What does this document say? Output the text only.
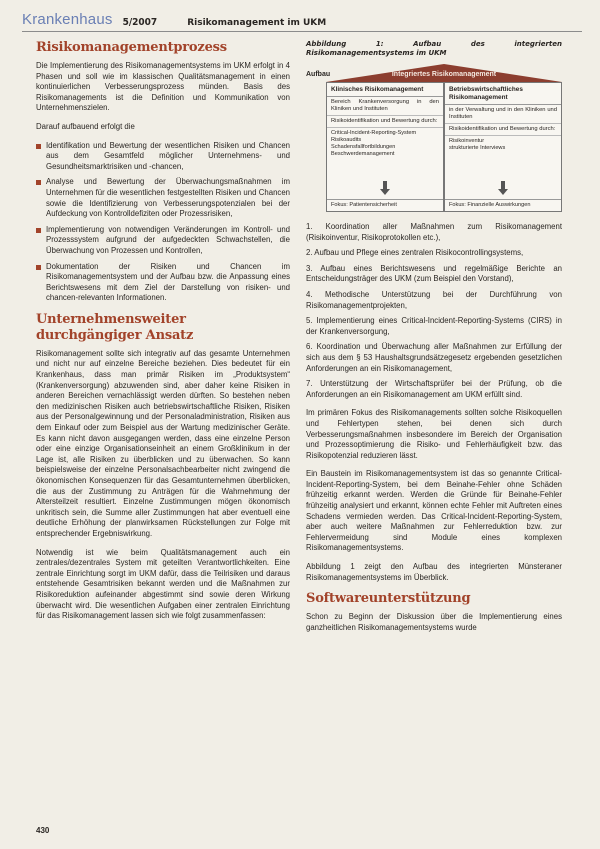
Krankenhaus 5/2007	Risikomanagement im UKM
Risikomanagementprozess

Die Implementierung des Risikomanagementsystems im UKM erfolgt in 4 Phasen und soll wie im klassischen Qualitätsmanagement in einen kontinuierlichen Verbesserungsprozess münden. Basis des Risikomanagements ist die Definition und Kommunikation von Unternehmenszielen.

Darauf aufbauend erfolgt die

Identifikation und Bewertung der wesentlichen Risiken und Chancen aus dem Gesamtfeld möglicher Unternehmens- und Gesundheitsmarktrisiken und -chancen,
Analyse und Bewertung der Überwachungsmaßnahmen im Unternehmen für die wesentlichen festgestellten Risiken und Chancen sowie die Identifizierung von Verbesserungspotenzialen bei der Aufdeckung von Kontrolldefiziten oder Prozessrisiken,
Implementierung von notwendigen Veränderungen im Kontroll- und Prozesssystem aufgrund der aufgedeckten Schwachstellen, die Überwachung von Prozessen und Kontrollen,
Dokumentation der Risiken und Chancen im Risikomanagementsystem und der Aufbau bzw. die Anpassung eines Berichtswesens mit dem Ziel der Darstellung von risiken- und chancen-relevanten Informationen.
Unternehmensweiter durchgängiger Ansatz

Risikomanagement sollte sich integrativ auf das gesamte Unternehmen und nicht nur auf einzelne Bereiche beziehen. Dies bedeutet für ein Krankenhaus, dass man primär Risiken im „Produktsystem“ (Krankenversorgung) abzuwenden sind, aber daher keine Risiken in anderen Bereichen vernachlässigt werden dürften. So bestehen neben den medizinischen Risiken auch betriebswirtschaftliche Risiken, Risiken aus der Personalgewinnung und der Personaladministration, Risiken aus dem Einkauf oder zum Beispiel aus der Wartung medizinischer Geräte. Es kann nicht davon ausgegangen werden, dass eine einzelne Person oder eine einzige Organisationseinheit an einem Großklinikum in der Lage ist, alle Risiken zu überblicken und zu überwachen. So kann beispielsweise der einzelne Personalsachbearbeiter nicht zwingend die ökonomischen Konsequenzen für das Gesamtunternehmen überblicken, die aus der Zustimmung zu Anträgen für die Wahrnehmung der Altersteilzeit resultiert. Einzelne Zustimmungen mögen ökonomisch unkritisch sein, die Summe aller Zustimmungen hat aber eventuell eine deutliche Erhöhung der planwirksamen Rückstellungen zur Folge mit entsprechender Ergebniswirkung.

Notwendig ist wie beim Qualitätsmanagement auch ein zentrales/dezentrales System mit geteilten Verantwortlichkeiten. Eine zentrale Einrichtung sorgt im UKM dafür, dass die Teilrisiken und daraus entstehende Gesamtrisiken bekannt werden und die Maßnahmen zur Risikoreduktion aufeinander abgestimmt sind sowie deren Wirkung überwacht wird. Die wesentlichen Aufgaben einer zentralen Einrichtung für das Risikomanagement lassen sich wie folgt zusammenfassen:

Abbildung 1: Aufbau des integrierten Risikomanagementsystems im UKM
Aufbau	Integriertes Risikomanagement
Klinisches Risikomanagement
Bereich Krankenversorgung in den Kliniken und Instituten
Risikoidentifikation und Bewertung durch:
Critical-Incident-Reporting-System
Risikoaudits
Schadensfallfortbildungen
Beschwerdemanagement
Fokus: Patientensicherheit
Betriebswirtschaftliches Risikomanagement
in der Verwaltung und in den Kliniken und Instituten
Risikoidentifikation und Bewertung durch:
Risikoinventur
strukturierte Interviews
Fokus: Finanzielle Auswirkungen
1. Koordination aller Maßnahmen zum Risikomanagement (Risikoinventur, Risikoprotokollen etc.),
2. Aufbau und Pflege eines zentralen Risikocontrollingsystems,
3. Aufbau eines Berichtswesens und regelmäßige Berichte an Entscheidungsträger des UKM (zum Beispiel den Vorstand),
4. Methodische Unterstützung bei der Durchführung von Risikomanagementprojekten,
5. Implementierung eines Critical-Incident-Reporting-Systems (CIRS) in der Krankenversorgung,
6. Koordination und Überwachung aller Maßnahmen zur Erfüllung der sich aus dem § 53 Haushaltsgrundsätzegesetz ergebenden gesetzlichen Anforderungen an ein Risikomanagement,
7. Unterstützung der Wirtschaftsprüfer bei der Prüfung, ob die Anforderungen an ein Risikomanagement am UKM erfüllt sind.

Im primären Fokus des Risikomanagements sollten solche Risikoquellen und Fehlertypen stehen, bei denen sich durch Verbesserungsmaßnahmen insbesondere im Bereich der Organisation und Prozessoptimierung die Risiko- und Fehlerhäufigkeit bzw. das Risikopotenzial reduzieren lässt.

Ein Baustein im Risikomanagementsystem ist das so genannte Critical-Incident-Reporting-System, bei dem Beinahe-Fehler ohne Schäden frühzeitig erkannt werden. Werden die Gründe für Beinahe-Fehler frühzeitig analysiert und erkannt, können echte Fehler mit Auftreten eines Schadens vermieden werden. Das Critical-Incident-Reporting-System, aber auch weitere Maßnahmen zur Fehlerreduktion bzw. zur Fehlervermeidung sind Module eines komplexen Risikomanagementsystems.

Abbildung 1 zeigt den Aufbau des integrierten Münsteraner Risikomanagementsystems im Überblick.

Softwareunterstützung

Schon zu Beginn der Diskussion über die Implementierung eines ganzheitlichen Risikomanagementsystems wurde

430
